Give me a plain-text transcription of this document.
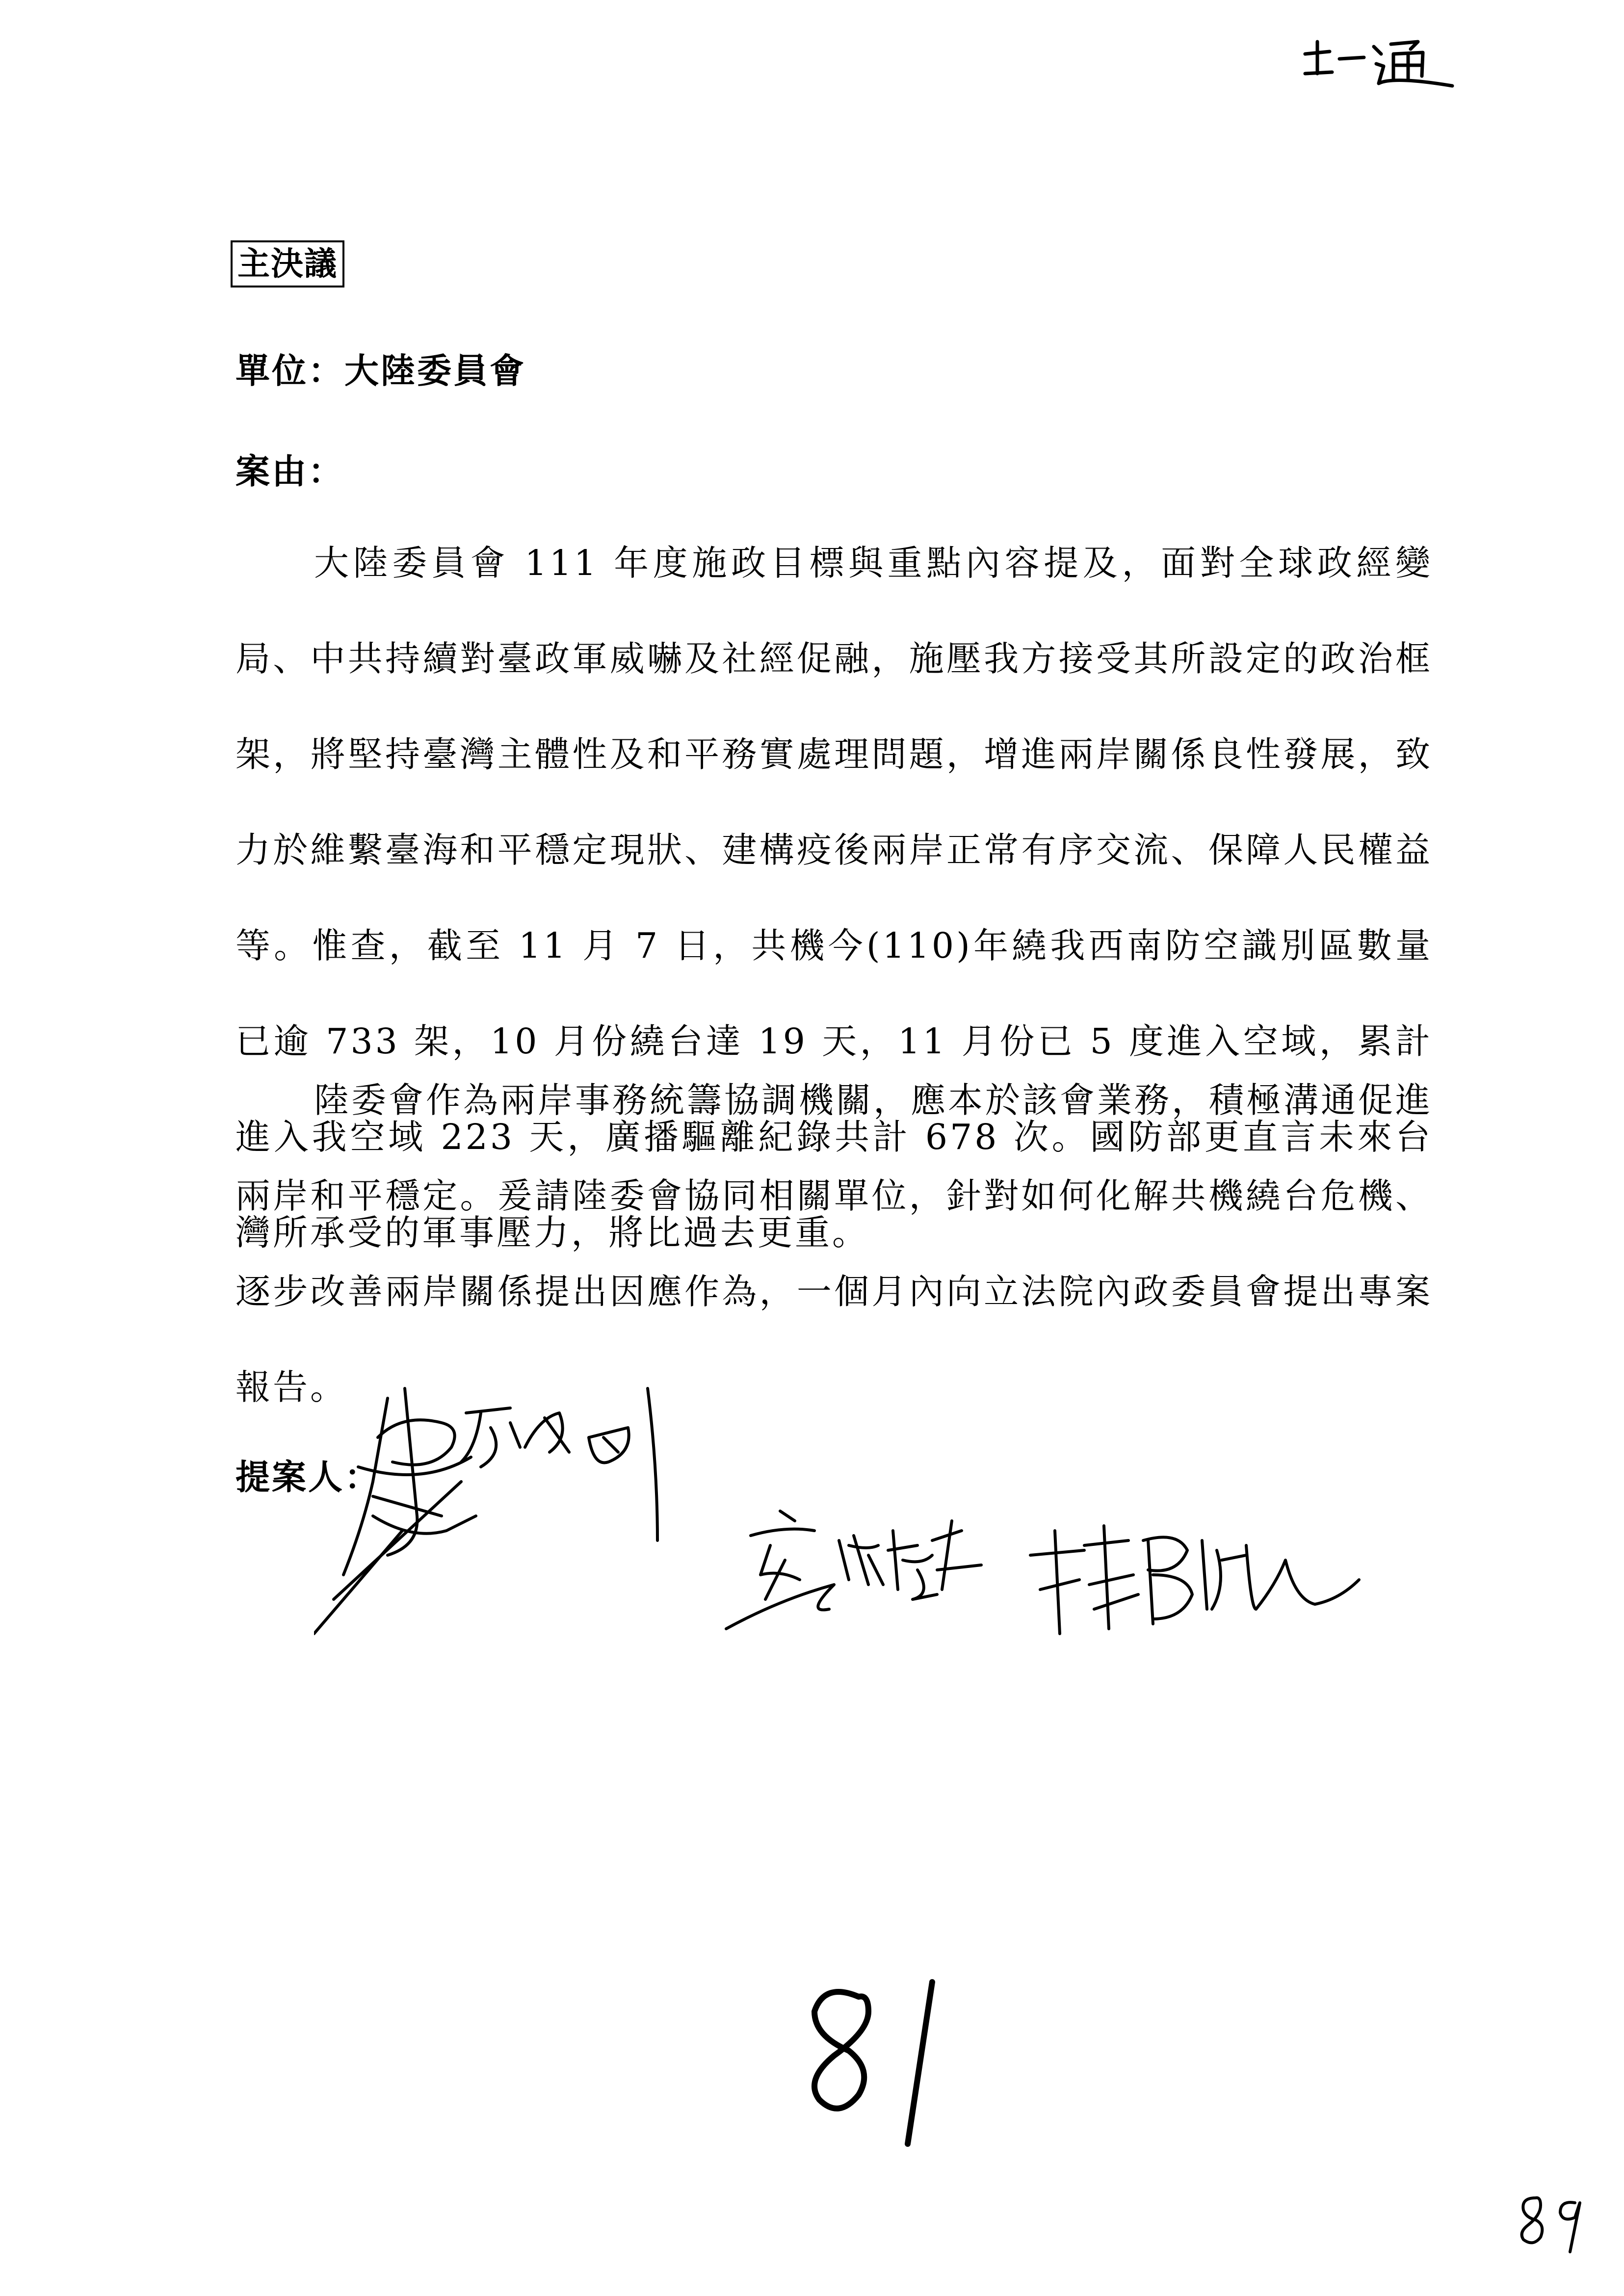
主決議
單位：大陸委員會
案由：

大陸委員會 111 年度施政目標與重點內容提及，面對全球政經變局、中共持續對臺政軍威嚇及社經促融，施壓我方接受其所設定的政治框架，將堅持臺灣主體性及和平務實處理問題，增進兩岸關係良性發展，致力於維繫臺海和平穩定現狀、建構疫後兩岸正常有序交流、保障人民權益等。惟查，截至 11 月 7 日，共機今(110)年繞我西南防空識別區數量已逾 733 架，10 月份繞台達 19 天，11 月份已 5 度進入空域，累計進入我空域 223 天，廣播驅離紀錄共計 678 次。國防部更直言未來台灣所承受的軍事壓力，將比過去更重。

陸委會作為兩岸事務統籌協調機關，應本於該會業務，積極溝通促進兩岸和平穩定。爰請陸委會協同相關單位，針對如何化解共機繞台危機、逐步改善兩岸關係提出因應作為，一個月內向立法院內政委員會提出專案報告。

提案人：
